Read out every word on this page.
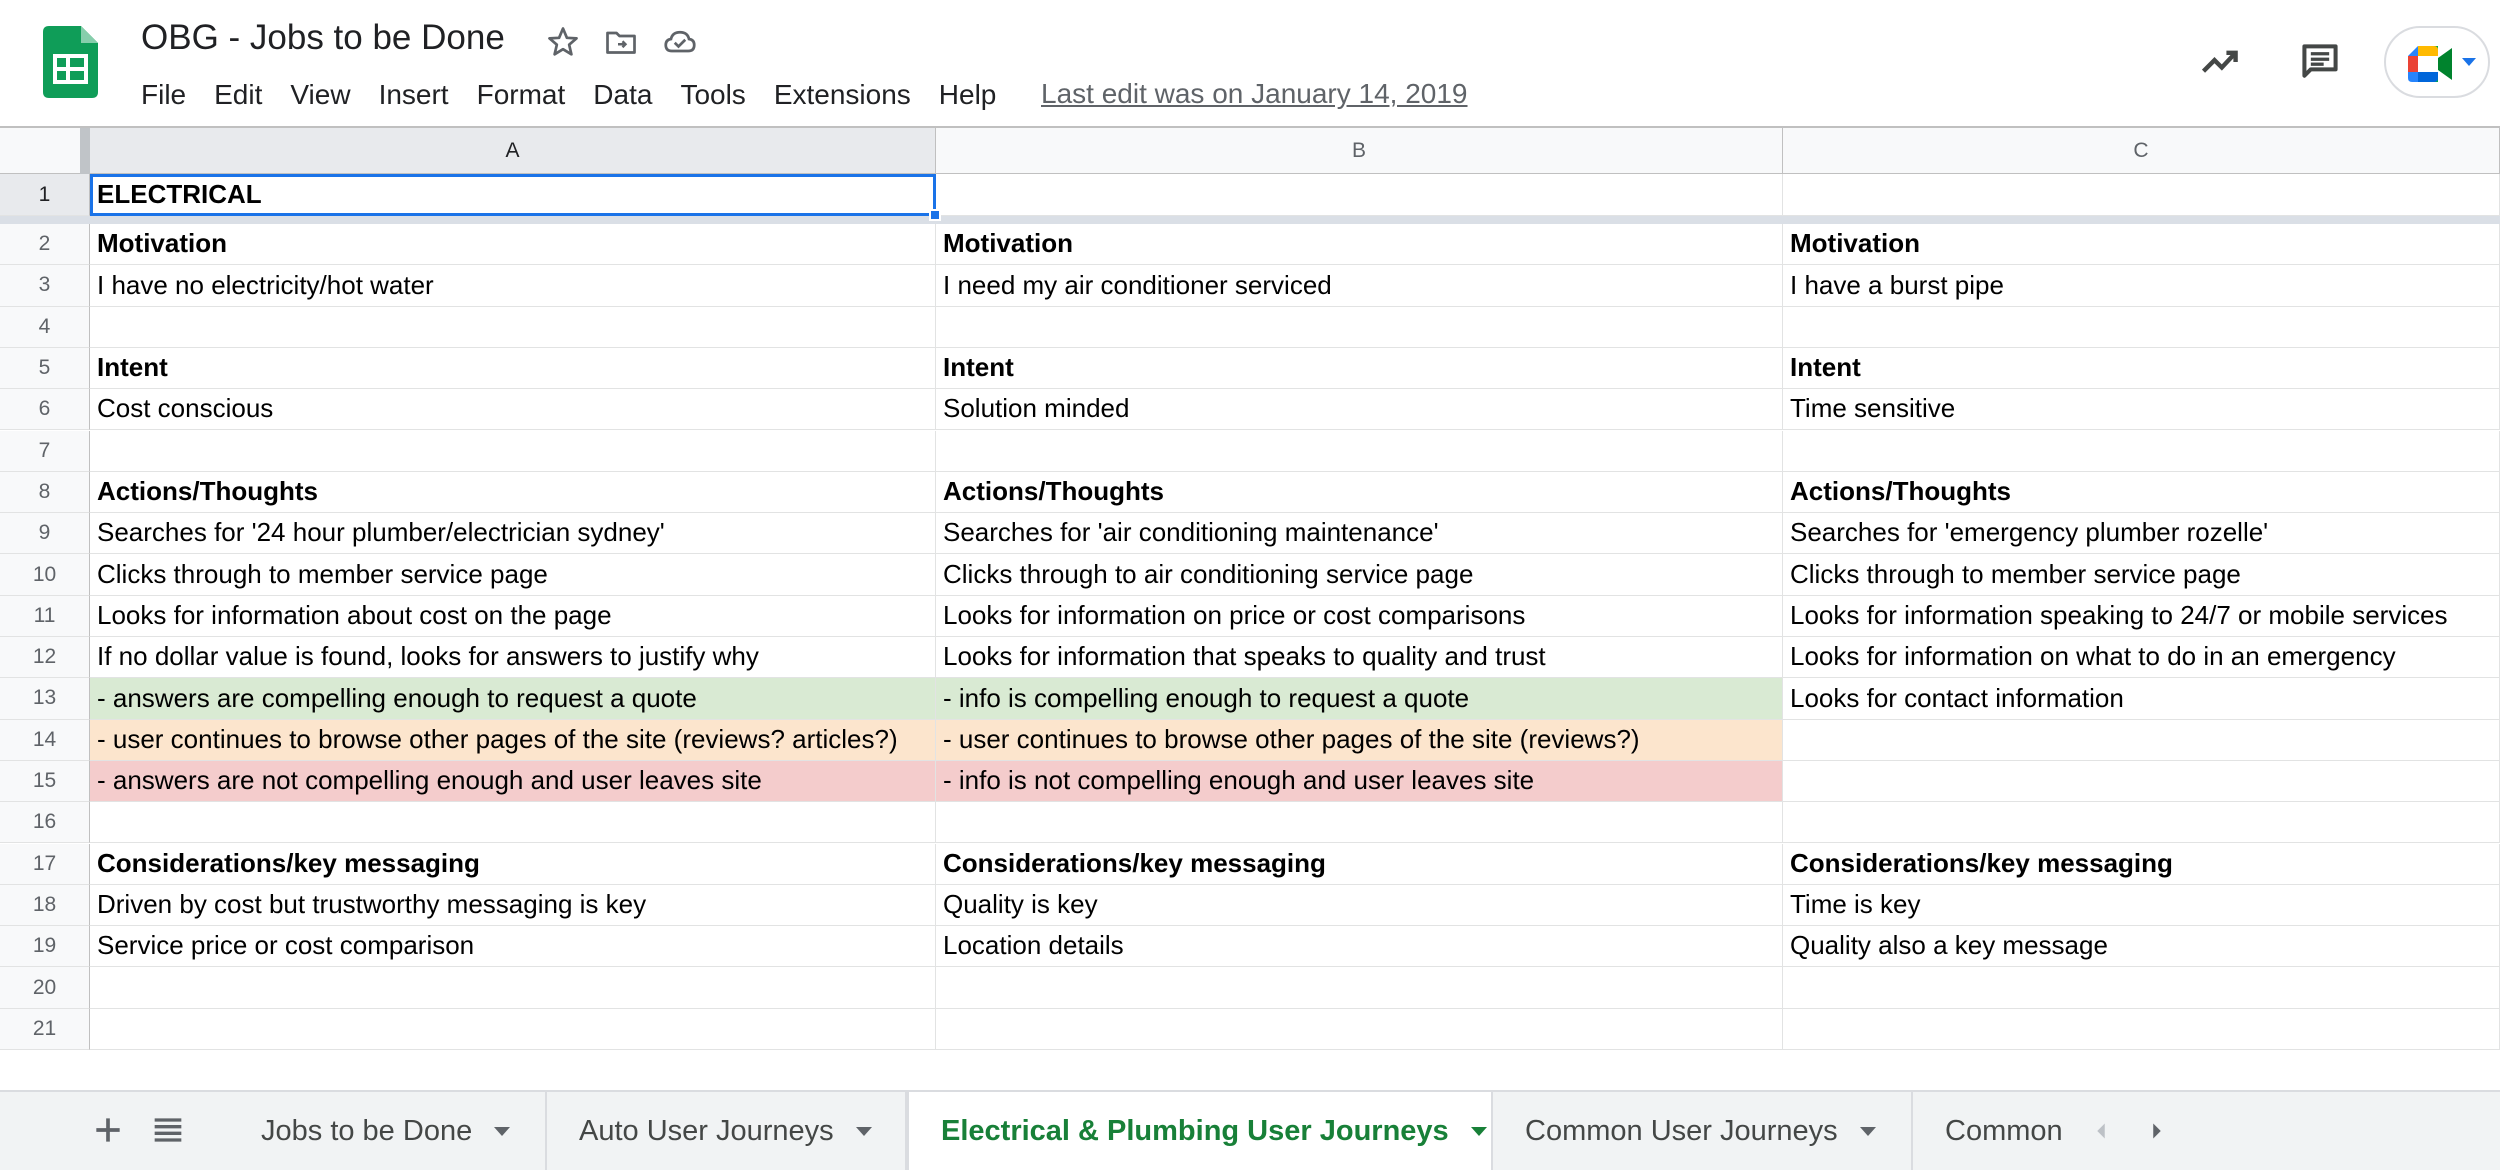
OBG - Jobs to be Done
File Edit View Insert Format Data Tools Extensions Help Last edit was on January 14, 2019
A	B	C
1	ELECTRICAL
2	Motivation	Motivation	Motivation
3	I have no electricity/hot water	I need my air conditioner serviced	I have a burst pipe
4
5	Intent	Intent	Intent
6	Cost conscious	Solution minded	Time sensitive
7
8	Actions/Thoughts	Actions/Thoughts	Actions/Thoughts
9	Searches for '24 hour plumber/electrician sydney'	Searches for 'air conditioning maintenance'	Searches for 'emergency plumber rozelle'
10	Clicks through to member service page	Clicks through to air conditioning service page	Clicks through to member service page
11	Looks for information about cost on the page	Looks for information on price or cost comparisons	Looks for information speaking to 24/7 or mobile services
12	If no dollar value is found, looks for answers to justify why	Looks for information that speaks to quality and trust	Looks for information on what to do in an emergency
13	- answers are compelling enough to request a quote	- info is compelling enough to request a quote	Looks for contact information
14	- user continues to browse other pages of the site (reviews? articles?)	- user continues to browse other pages of the site (reviews?)
15	- answers are not compelling enough and user leaves site	- info is not compelling enough and user leaves site
16
17	Considerations/key messaging	Considerations/key messaging	Considerations/key messaging
18	Driven by cost but trustworthy messaging is key	Quality is key	Time is key
19	Service price or cost comparison	Location details	Quality also a key message
20
21
Jobs to be Done	Auto User Journeys	Electrical & Plumbing User Journeys	Common User Journeys	Common
